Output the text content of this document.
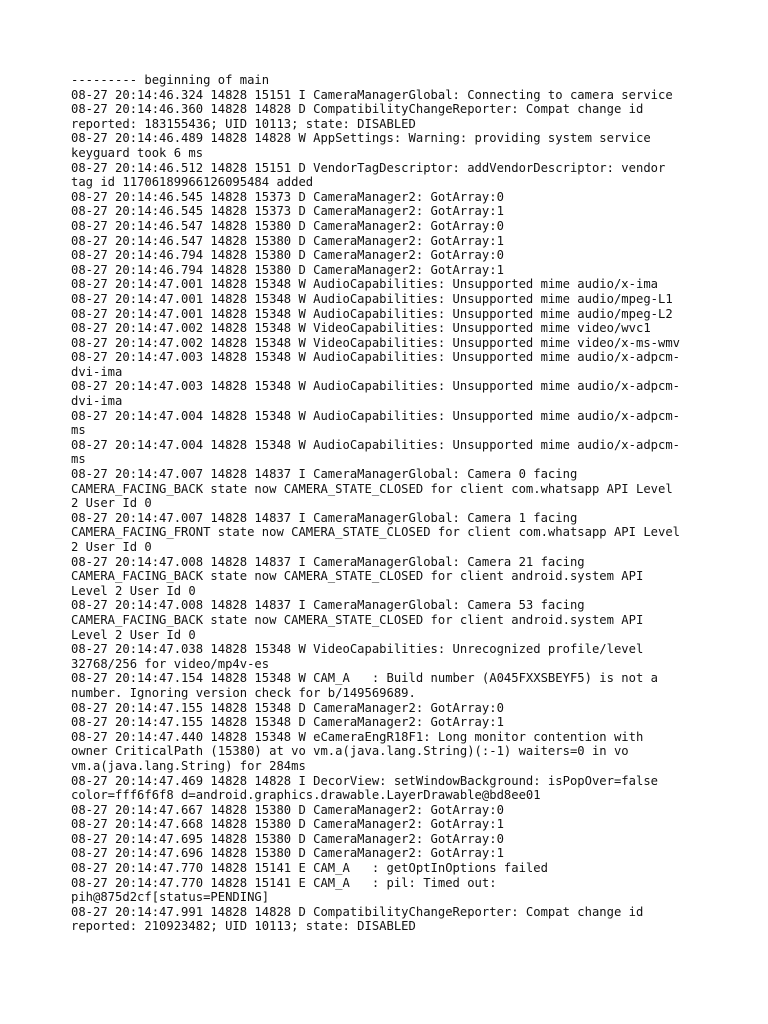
--------- beginning of main
08-27 20:14:46.324 14828 15151 I CameraManagerGlobal: Connecting to camera service
08-27 20:14:46.360 14828 14828 D CompatibilityChangeReporter: Compat change id
reported: 183155436; UID 10113; state: DISABLED
08-27 20:14:46.489 14828 14828 W AppSettings: Warning: providing system service
keyguard took 6 ms
08-27 20:14:46.512 14828 15151 D VendorTagDescriptor: addVendorDescriptor: vendor
tag id 11706189966126095484 added
08-27 20:14:46.545 14828 15373 D CameraManager2: GotArray:0
08-27 20:14:46.545 14828 15373 D CameraManager2: GotArray:1
08-27 20:14:46.547 14828 15380 D CameraManager2: GotArray:0
08-27 20:14:46.547 14828 15380 D CameraManager2: GotArray:1
08-27 20:14:46.794 14828 15380 D CameraManager2: GotArray:0
08-27 20:14:46.794 14828 15380 D CameraManager2: GotArray:1
08-27 20:14:47.001 14828 15348 W AudioCapabilities: Unsupported mime audio/x-ima
08-27 20:14:47.001 14828 15348 W AudioCapabilities: Unsupported mime audio/mpeg-L1
08-27 20:14:47.001 14828 15348 W AudioCapabilities: Unsupported mime audio/mpeg-L2
08-27 20:14:47.002 14828 15348 W VideoCapabilities: Unsupported mime video/wvc1
08-27 20:14:47.002 14828 15348 W VideoCapabilities: Unsupported mime video/x-ms-wmv
08-27 20:14:47.003 14828 15348 W AudioCapabilities: Unsupported mime audio/x-adpcm-
dvi-ima
08-27 20:14:47.003 14828 15348 W AudioCapabilities: Unsupported mime audio/x-adpcm-
dvi-ima
08-27 20:14:47.004 14828 15348 W AudioCapabilities: Unsupported mime audio/x-adpcm-
ms
08-27 20:14:47.004 14828 15348 W AudioCapabilities: Unsupported mime audio/x-adpcm-
ms
08-27 20:14:47.007 14828 14837 I CameraManagerGlobal: Camera 0 facing
CAMERA_FACING_BACK state now CAMERA_STATE_CLOSED for client com.whatsapp API Level
2 User Id 0
08-27 20:14:47.007 14828 14837 I CameraManagerGlobal: Camera 1 facing
CAMERA_FACING_FRONT state now CAMERA_STATE_CLOSED for client com.whatsapp API Level
2 User Id 0
08-27 20:14:47.008 14828 14837 I CameraManagerGlobal: Camera 21 facing
CAMERA_FACING_BACK state now CAMERA_STATE_CLOSED for client android.system API
Level 2 User Id 0
08-27 20:14:47.008 14828 14837 I CameraManagerGlobal: Camera 53 facing
CAMERA_FACING_BACK state now CAMERA_STATE_CLOSED for client android.system API
Level 2 User Id 0
08-27 20:14:47.038 14828 15348 W VideoCapabilities: Unrecognized profile/level
32768/256 for video/mp4v-es
08-27 20:14:47.154 14828 15348 W CAM_A   : Build number (A045FXXSBEYF5) is not a
number. Ignoring version check for b/149569689.
08-27 20:14:47.155 14828 15348 D CameraManager2: GotArray:0
08-27 20:14:47.155 14828 15348 D CameraManager2: GotArray:1
08-27 20:14:47.440 14828 15348 W eCameraEngR18F1: Long monitor contention with
owner CriticalPath (15380) at vo vm.a(java.lang.String)(:-1) waiters=0 in vo
vm.a(java.lang.String) for 284ms
08-27 20:14:47.469 14828 14828 I DecorView: setWindowBackground: isPopOver=false
color=fff6f6f8 d=android.graphics.drawable.LayerDrawable@bd8ee01
08-27 20:14:47.667 14828 15380 D CameraManager2: GotArray:0
08-27 20:14:47.668 14828 15380 D CameraManager2: GotArray:1
08-27 20:14:47.695 14828 15380 D CameraManager2: GotArray:0
08-27 20:14:47.696 14828 15380 D CameraManager2: GotArray:1
08-27 20:14:47.770 14828 15141 E CAM_A   : getOptInOptions failed
08-27 20:14:47.770 14828 15141 E CAM_A   : pil: Timed out:
pih@875d2cf[status=PENDING]
08-27 20:14:47.991 14828 14828 D CompatibilityChangeReporter: Compat change id
reported: 210923482; UID 10113; state: DISABLED
